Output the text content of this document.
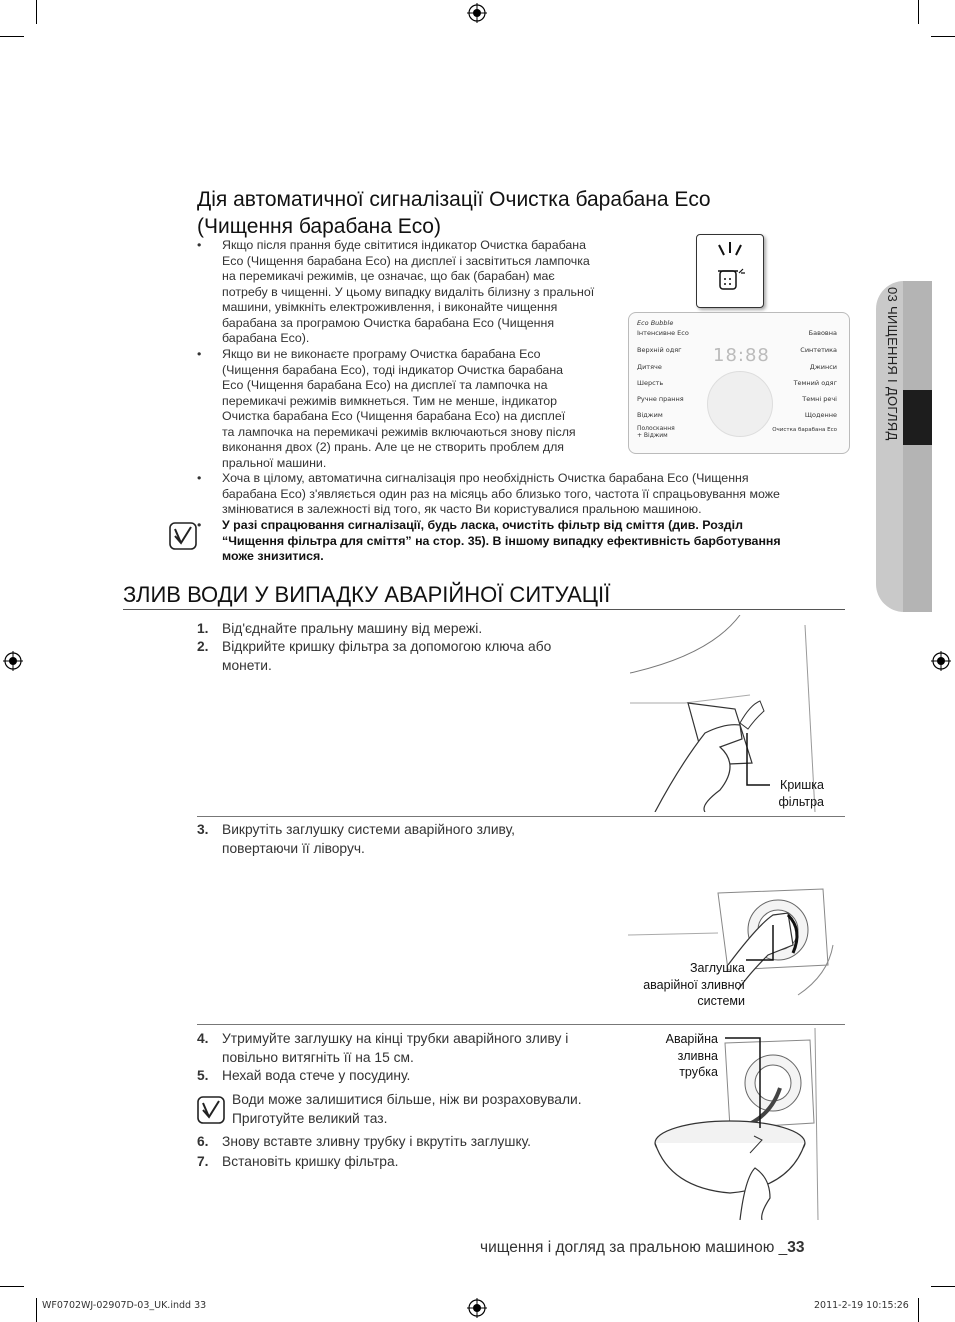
03 ЧИЩЕННЯ І ДОГЛЯД
Дія автоматичної сигналізації Очистка барабана Eco (Чищення барабана Eco)
• Якщо після прання буде світитися індикатор Очистка барабана
Eco (Чищення барабана Eco) на дисплеї і засвітиться лампочка
на перемикачі режимів, це означає, що бак (барабан) має
потребу в чищенні. У цьому випадку видаліть білизну з пральної
машини, увімкніть електроживлення, і виконайте чищення
барабана за програмою Очистка барабана Eco (Чищення
барабана Eco).
• Якщо ви не виконаєте програму Очистка барабана Eco
(Чищення барабана Eco), тоді індикатор Очистка барабана
Eco (Чищення барабана Eco) на дисплеї та лампочка на
перемикачі режимів вимкнеться. Тим не менше, індикатор
Очистка барабана Eco (Чищення барабана Eco) на дисплеї
та лампочка на перемикачі режимів включаються знову після
виконання двох (2) прань. Але це не створить проблем для
пральної машини.
• Хоча в цілому, автоматична сигналізація про необхідність Очистка барабана Eco (Чищення
барабана Eco) з'являється один раз на місяць або близько того, частота її спрацьовування може
змінюватися в залежності від того, як часто Ви користувалися пральною машиною.
• У разі спрацювання сигналізації, будь ласка, очистіть фільтр від сміття (див. Розділ
“Чищення фільтра для сміття” на стор. 35). В іншому випадку ефективність барботування
може знизитися.
Eco Bubble
Інтенсивне Eco
Верхній одяг
Дитяче
Шерсть
Ручне прання
Віджим
Полоскання + Віджим
Бавовна
Синтетика
Джинси
Темний одяг
Темні речі
Щоденне
Очистка барабана Eco
18:88
ЗЛИВ ВОДИ У ВИПАДКУ АВАРІЙНОЇ СИТУАЦІЇ
1. Від'єднайте пральну машину від мережі.
2. Відкрийте кришку фільтра за допомогою ключа або
монети.
Кришка
фільтра
3. Викрутіть заглушку системи аварійного зливу,
повертаючи її ліворуч.
Заглушка
аварійної зливної
системи
4. Утримуйте заглушку на кінці трубки аварійного зливу і
повільно витягніть її на 15 см.
5. Нехай вода стече у посудину.
Води може залишитися більше, ніж ви розраховували.
Приготуйте великий таз.
6. Знову вставте зливну трубку і вкрутіть заглушку.
7. Встановіть кришку фільтра.
Аварійна
зливна
трубка
чищення і догляд за пральною машиною _33
WF0702WJ-02907D-03_UK.indd 33	2011-2-19 10:15:26
